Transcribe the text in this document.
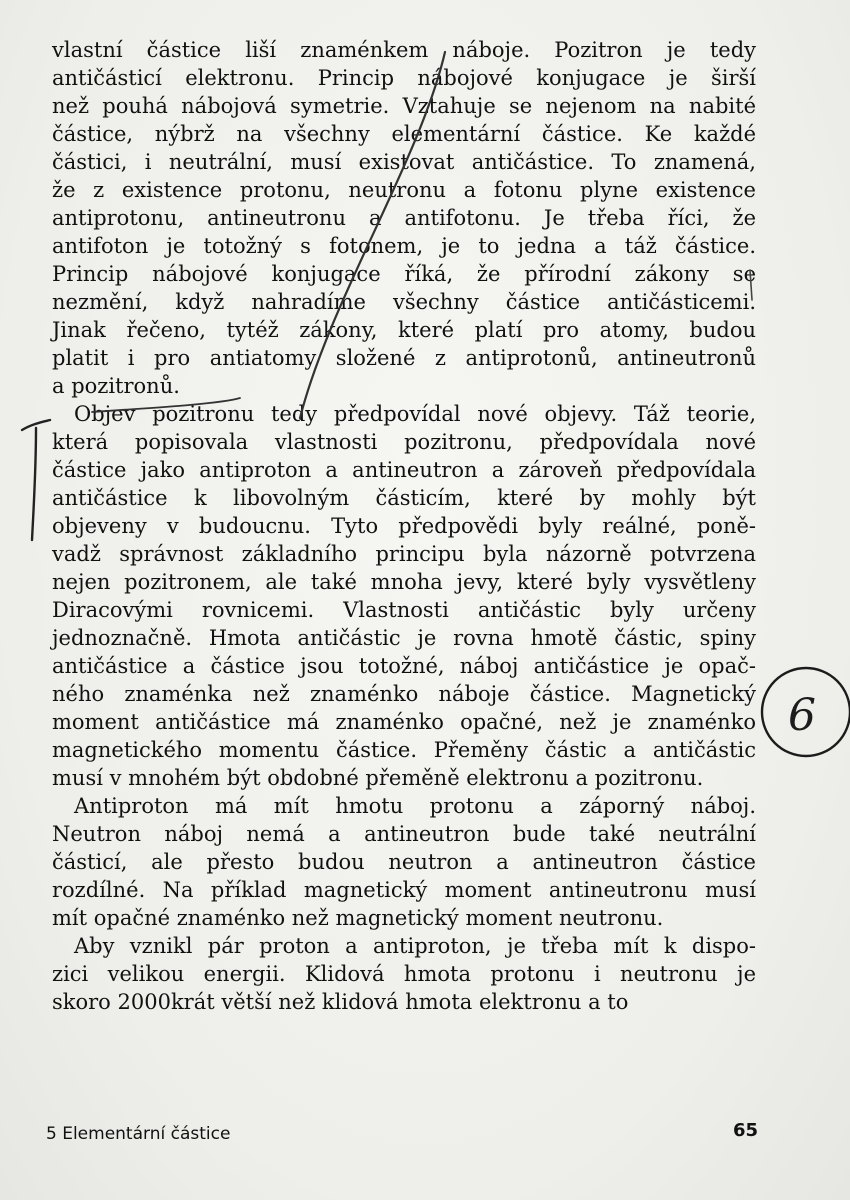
vlastní částice liší znaménkem náboje. Pozitron je tedy
antičásticí elektronu. Princip nábojové konjugace je širší
než pouhá nábojová symetrie. Vztahuje se nejenom na nabité
částice, nýbrž na všechny elementární částice. Ke každé
částici, i neutrální, musí existovat antičástice. To znamená,
že z existence protonu, neutronu a fotonu plyne existence
antiprotonu, antineutronu a antifotonu. Je třeba říci, že
antifoton je totožný s fotonem, je to jedna a táž částice.
Princip nábojové konjugace říká, že přírodní zákony se
nezmění, když nahradíme všechny částice antičásticemi.
Jinak řečeno, tytéž zákony, které platí pro atomy, budou
platit i pro antiatomy složené z antiprotonů, antineutronů
a pozitronů.
Objev pozitronu tedy předpovídal nové objevy. Táž teorie,
která popisovala vlastnosti pozitronu, předpovídala nové
částice jako antiproton a antineutron a zároveň předpovídala
antičástice k libovolným částicím, které by mohly být
objeveny v budoucnu. Tyto předpovědi byly reálné, poně-
vadž správnost základního principu byla názorně potvrzena
nejen pozitronem, ale také mnoha jevy, které byly vysvětleny
Diracovými rovnicemi. Vlastnosti antičástic byly určeny
jednoznačně. Hmota antičástic je rovna hmotě částic, spiny
antičástice a částice jsou totožné, náboj antičástice je opač-
ného znaménka než znaménko náboje částice. Magnetický
moment antičástice má znaménko opačné, než je znaménko
magnetického momentu částice. Přeměny částic a antičástic
musí v mnohém být obdobné přeměně elektronu a pozitronu.
Antiproton má mít hmotu protonu a záporný náboj.
Neutron náboj nemá a antineutron bude také neutrální
částicí, ale přesto budou neutron a antineutron částice
rozdílné. Na příklad magnetický moment antineutronu musí
mít opačné znaménko než magnetický moment neutronu.
Aby vznikl pár proton a antiproton, je třeba mít k dispo-
zici velikou energii. Klidová hmota protonu i neutronu je
skoro 2000krát větší než klidová hmota elektronu a to
5 Elementární částice	65
6
